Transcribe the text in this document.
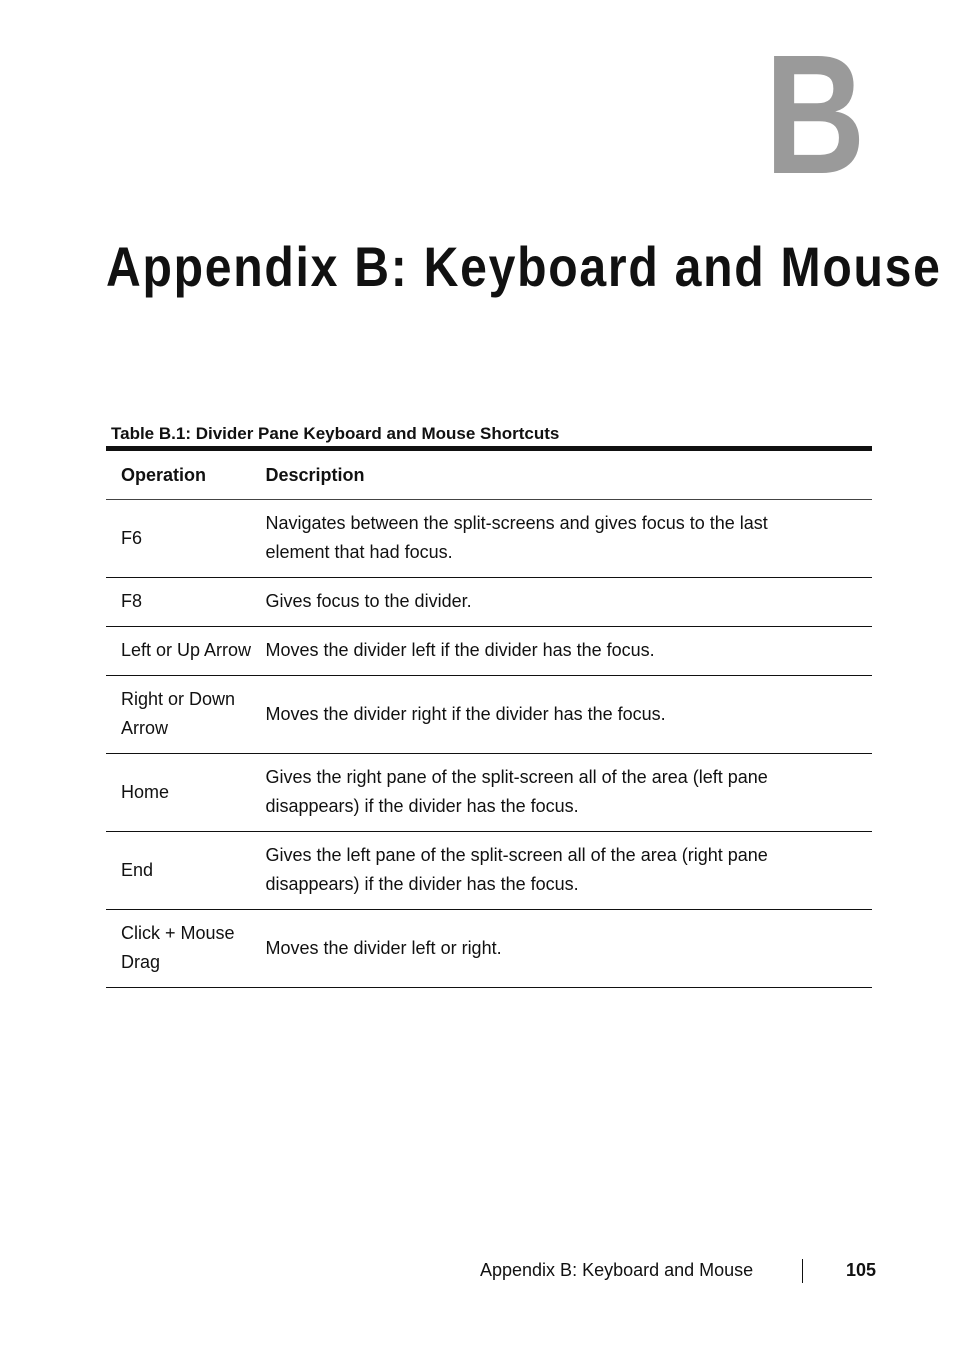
B
Appendix B: Keyboard and Mouse
Table B.1: Divider Pane Keyboard and Mouse Shortcuts
Operation	Description
F6	Navigates between the split-screens and gives focus to the last element that had focus.
F8	Gives focus to the divider.
Left or Up Arrow	Moves the divider left if the divider has the focus.
Right or Down Arrow	Moves the divider right if the divider has the focus.
Home	Gives the right pane of the split-screen all of the area (left pane disappears) if the divider has the focus.
End	Gives the left pane of the split-screen all of the area (right pane disappears) if the divider has the focus.
Click + Mouse Drag	Moves the divider left or right.
Appendix B: Keyboard and Mouse	105
